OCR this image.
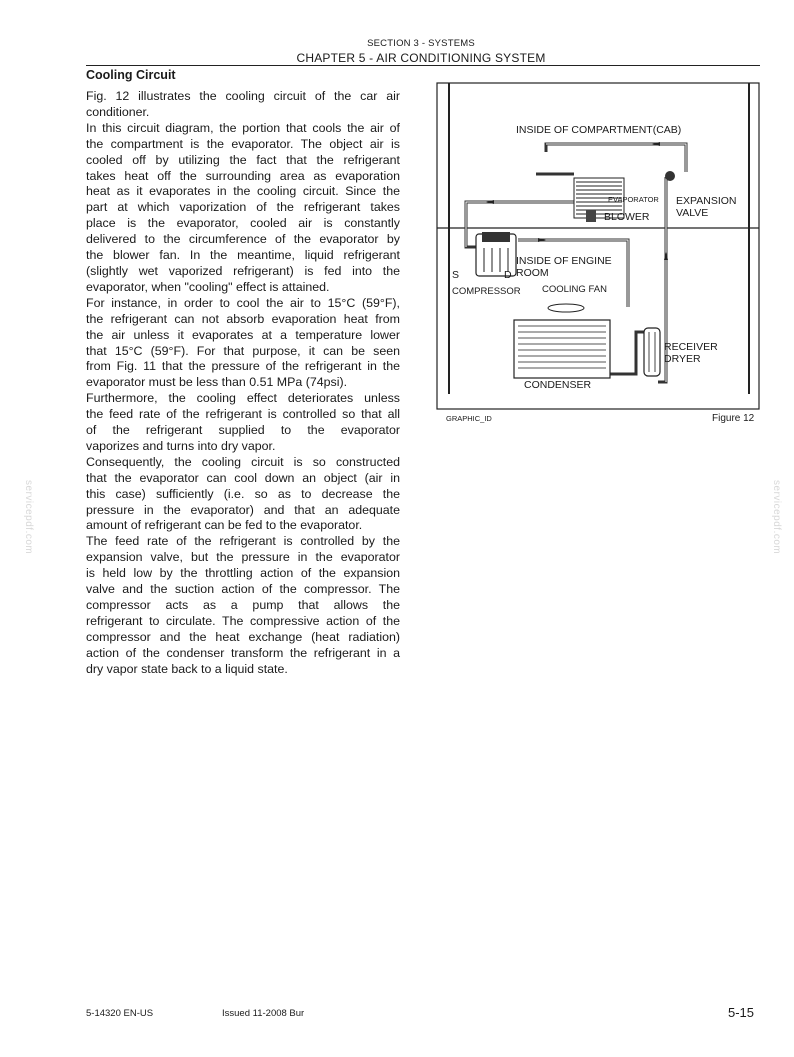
SECTION 3 - SYSTEMS
CHAPTER 5 - AIR CONDITIONING SYSTEM
Cooling Circuit
Fig. 12 illustrates the cooling circuit of the car air
conditioner.
In this circuit diagram, the portion that cools the air of
the compartment is the evaporator. The object air is
cooled off by utilizing the fact that the refrigerant
takes heat off the surrounding area as evaporation
heat as it evaporates in the cooling circuit. Since the
part at which vaporization of the refrigerant takes
place is the evaporator, cooled air is constantly
delivered to the circumference of the evaporator by
the blower fan. In the meantime, liquid refrigerant
(slightly wet vaporized refrigerant) is fed into the
evaporator, when "cooling" effect is attained.
For instance, in order to cool the air to 15°C (59°F),
the refrigerant can not absorb evaporation heat from
the air unless it evaporates at a temperature lower
that 15°C (59°F). For that purpose, it can be seen
from Fig. 11 that the pressure of the refrigerant in the
evaporator must be less than 0.51 MPa (74psi).
Furthermore, the cooling effect deteriorates unless
the feed rate of the refrigerant is controlled so that all
of the refrigerant supplied to the evaporator
vaporizes and turns into dry vapor.
Consequently, the cooling circuit is so constructed
that the evaporator can cool down an object (air in
this case) sufficiently (i.e. so as to decrease the
pressure in the evaporator) and that an adequate
amount of refrigerant can be fed to the evaporator.
The feed rate of the refrigerant is controlled by the
expansion valve, but the pressure in the evaporator
is held low by the throttling action of the expansion
valve and the suction action of the compressor. The
compressor acts as a pump that allows the
refrigerant to circulate. The compressive action of the
compressor and the heat exchange (heat radiation)
action of the condenser transform the refrigerant in a
dry vapor state back to a liquid state.
INSIDE OF COMPARTMENT(CAB)
EVAPORATOR
BLOWER
EXPANSION
VALVE
INSIDE OF ENGINE
ROOM
S	D
COMPRESSOR COOLING FAN
RECEIVER
DRYER
CONDENSER
GRAPHIC_ID	Figure 12
servicepdf.com	servicepdf.com
5-14320 EN-US	Issued 11-2008 Bur	5-15
